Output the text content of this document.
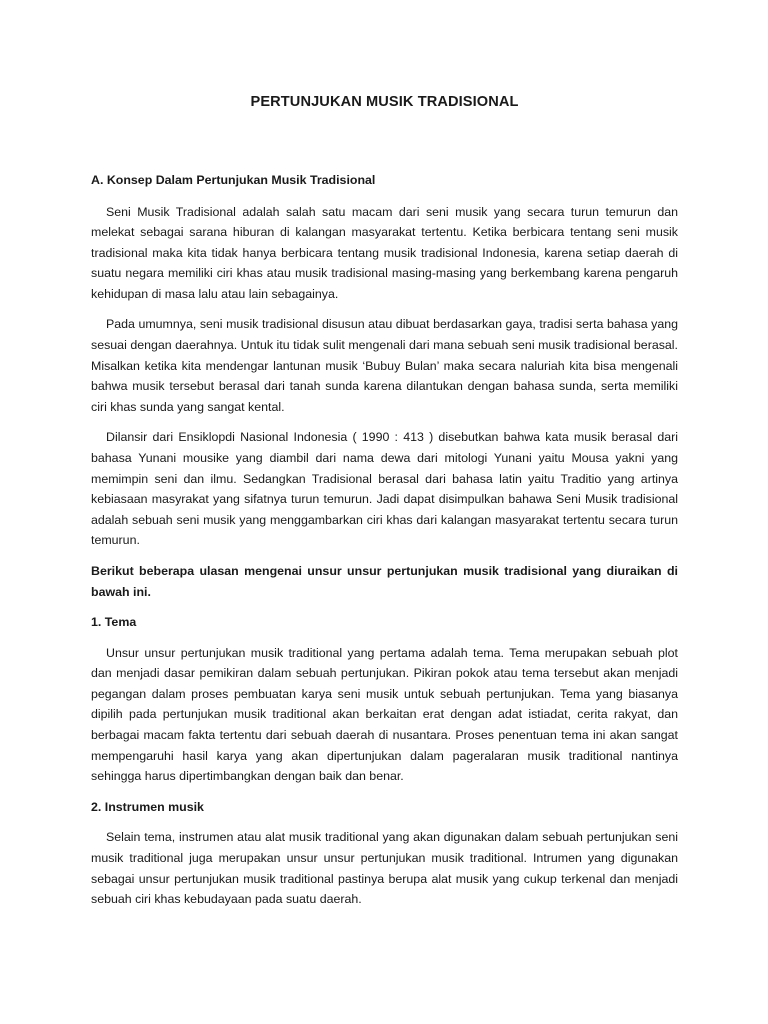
PERTUNJUKAN MUSIK TRADISIONAL
A. Konsep Dalam Pertunjukan Musik Tradisional

Seni Musik Tradisional adalah salah satu macam dari seni musik yang secara turun temurun dan melekat sebagai sarana hiburan di kalangan masyarakat tertentu. Ketika berbicara tentang seni musik tradisional maka kita tidak hanya berbicara tentang musik tradisional Indonesia, karena setiap daerah di suatu negara memiliki ciri khas atau musik tradisional masing-masing yang berkembang karena pengaruh kehidupan di masa lalu atau lain sebagainya.

Pada umumnya, seni musik tradisional disusun atau dibuat berdasarkan gaya, tradisi serta bahasa yang sesuai dengan daerahnya. Untuk itu tidak sulit mengenali dari mana sebuah seni musik tradisional berasal. Misalkan ketika kita mendengar lantunan musik ‘Bubuy Bulan’ maka secara naluriah kita bisa mengenali bahwa musik tersebut berasal dari tanah sunda karena dilantukan dengan bahasa sunda, serta memiliki ciri khas sunda yang sangat kental.

Dilansir dari Ensiklopdi Nasional Indonesia ( 1990 : 413 ) disebutkan bahwa kata musik berasal dari bahasa Yunani mousike yang diambil dari nama dewa dari mitologi Yunani yaitu Mousa yakni yang memimpin seni dan ilmu. Sedangkan Tradisional berasal dari bahasa latin yaitu Traditio yang artinya kebiasaan masyrakat yang sifatnya turun temurun. Jadi dapat disimpulkan bahawa Seni Musik tradisional adalah sebuah seni musik yang menggambarkan ciri khas dari kalangan masyarakat tertentu secara turun temurun.

Berikut beberapa ulasan mengenai unsur unsur pertunjukan musik tradisional yang diuraikan di bawah ini.

1. Tema

Unsur unsur pertunjukan musik traditional yang pertama adalah tema. Tema merupakan sebuah plot dan menjadi dasar pemikiran dalam sebuah pertunjukan. Pikiran pokok atau tema tersebut akan menjadi pegangan dalam proses pembuatan karya seni musik untuk sebuah pertunjukan. Tema yang biasanya dipilih pada pertunjukan musik traditional akan berkaitan erat dengan adat istiadat, cerita rakyat, dan berbagai macam fakta tertentu dari sebuah daerah di nusantara. Proses penentuan tema ini akan sangat mempengaruhi hasil karya yang akan dipertunjukan dalam pageralaran musik traditional nantinya sehingga harus dipertimbangkan dengan baik dan benar.

2. Instrumen musik

Selain tema, instrumen atau alat musik traditional yang akan digunakan dalam sebuah pertunjukan seni musik traditional juga merupakan unsur unsur pertunjukan musik traditional. Intrumen yang digunakan sebagai unsur pertunjukan musik traditional pastinya berupa alat musik yang cukup terkenal dan menjadi sebuah ciri khas kebudayaan pada suatu daerah.
